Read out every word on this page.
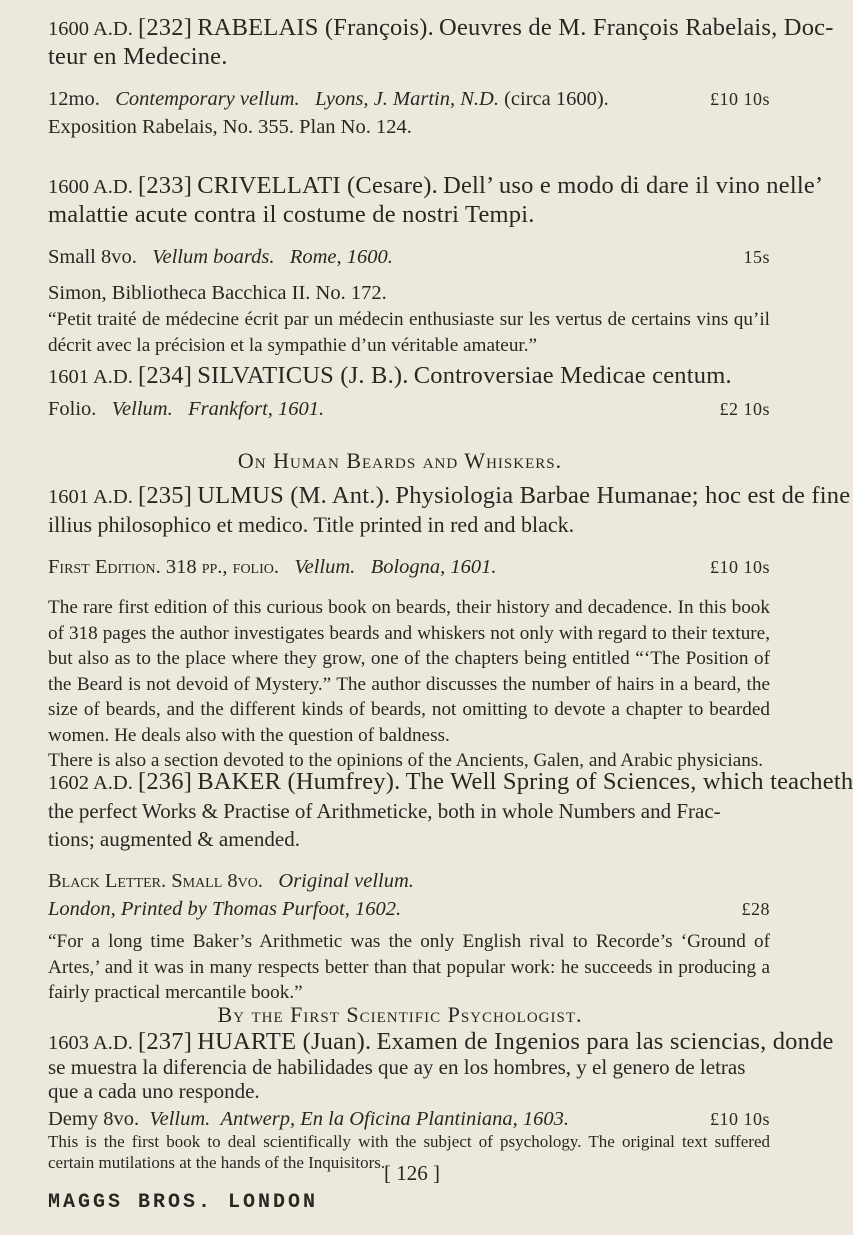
1600 A.D. [232] RABELAIS (François). Oeuvres de M. François Rabelais, Doc-
teur en Medecine.
12mo. Contemporary vellum. Lyons, J. Martin, N.D. (circa 1600).	£10 10s
Exposition Rabelais, No. 355. Plan No. 124.
1600 A.D. [233] CRIVELLATI (Cesare). Dell’ uso e modo di dare il vino nelle’
malattie acute contra il costume de nostri Tempi.
Small 8vo. Vellum boards. Rome, 1600.	15s
Simon, Bibliotheca Bacchica II. No. 172.
“Petit traité de médecine écrit par un médecin enthusiaste sur les vertus de certains vins qu’il décrit avec la précision et la sympathie d’un véritable amateur.”
1601 A.D. [234] SILVATICUS (J. B.). Controversiae Medicae centum.
Folio. Vellum. Frankfort, 1601.	£2 10s
On Human Beards and Whiskers.
1601 A.D. [235] ULMUS (M. Ant.). Physiologia Barbae Humanae; hoc est de fine
illius philosophico et medico. Title printed in red and black.
First Edition. 318 pp., folio. Vellum. Bologna, 1601.	£10 10s
The rare first edition of this curious book on beards, their history and decadence. In this book of 318 pages the author investigates beards and whiskers not only with regard to their texture, but also as to the place where they grow, one of the chapters being entitled “‘The Position of the Beard is not devoid of Mystery.” The author discusses the number of hairs in a beard, the size of beards, and the different kinds of beards, not omitting to devote a chapter to bearded women. He deals also with the question of baldness.
There is also a section devoted to the opinions of the Ancients, Galen, and Arabic physicians.
1602 A.D. [236] BAKER (Humfrey). The Well Spring of Sciences, which teacheth
the perfect Works & Practise of Arithmeticke, both in whole Numbers and Frac-
tions; augmented & amended.
Black Letter. Small 8vo. Original vellum.
London, Printed by Thomas Purfoot, 1602.	£28
“For a long time Baker’s Arithmetic was the only English rival to Recorde’s ‘Ground of Artes,’ and it was in many respects better than that popular work: he succeeds in producing a fairly practical mercantile book.”
By the First Scientific Psychologist.
1603 A.D. [237] HUARTE (Juan). Examen de Ingenios para las sciencias, donde
se muestra la diferencia de habilidades que ay en los hombres, y el genero de letras
que a cada uno responde.
Demy 8vo. Vellum. Antwerp, En la Oficina Plantiniana, 1603.	£10 10s
This is the first book to deal scientifically with the subject of psychology. The original text suffered certain mutilations at the hands of the Inquisitors.
[ 126 ]
MAGGS BROS. LONDON
